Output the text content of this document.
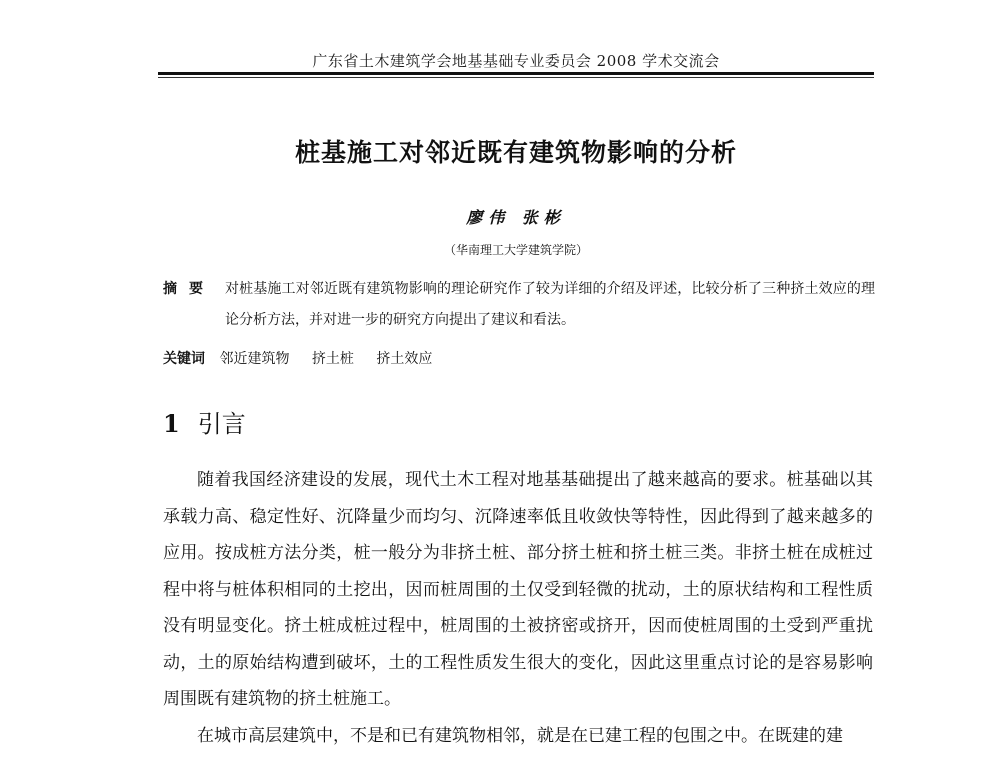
广东省土木建筑学会地基基础专业委员会 2008 学术交流会
桩基施工对邻近既有建筑物影响的分析
廖伟 张彬
（华南理工大学建筑学院）
摘要 对桩基施工对邻近既有建筑物影响的理论研究作了较为详细的介绍及评述，比较分析了三种挤土效应的理论分析方法，并对进一步的研究方向提出了建议和看法。
关键词 邻近建筑物 挤土桩 挤土效应
1 引言

随着我国经济建设的发展，现代土木工程对地基基础提出了越来越高的要求。桩基础以其承载力高、稳定性好、沉降量少而均匀、沉降速率低且收敛快等特性，因此得到了越来越多的应用。按成桩方法分类，桩一般分为非挤土桩、部分挤土桩和挤土桩三类。非挤土桩在成桩过程中将与桩体积相同的土挖出，因而桩周围的土仅受到轻微的扰动，土的原状结构和工程性质没有明显变化。挤土桩成桩过程中，桩周围的土被挤密或挤开，因而使桩周围的土受到严重扰动，土的原始结构遭到破坏，土的工程性质发生很大的变化，因此这里重点讨论的是容易影响周围既有建筑物的挤土桩施工。

在城市高层建筑中，不是和已有建筑物相邻，就是在已建工程的包围之中。在既建的建
